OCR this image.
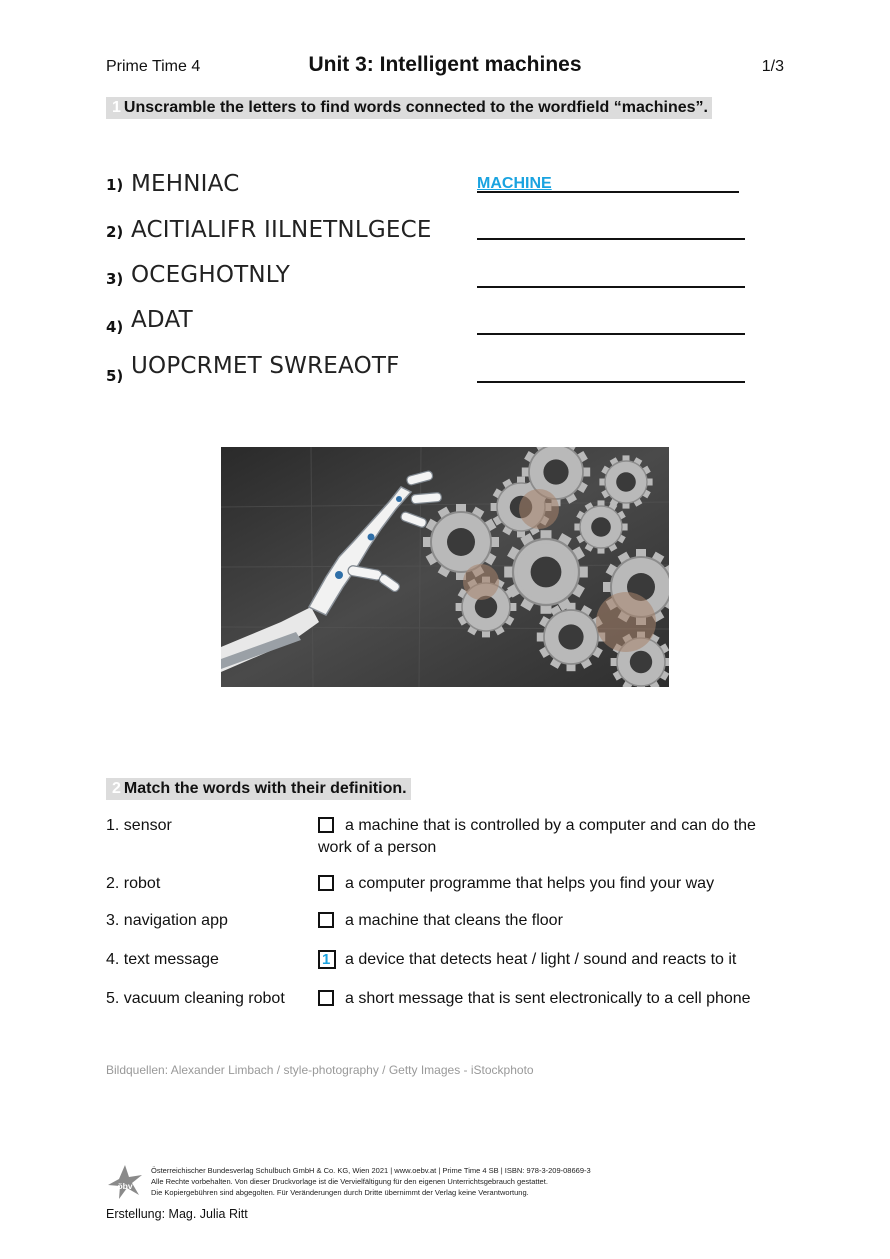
Prime Time 4	Unit 3: Intelligent machines	1/3
1 Unscramble the letters to find words connected to the wordfield “machines”.
1) MEHNIAC	MACHINE
2) ACITIALIFR IILNETNLGECE
3) OCEGHOTNLY
4) ADAT
5) UOPCRMET SWREAOTF
2 Match the words with their definition.
1. sensor	a machine that is controlled by a computer and can do the
work of a person
2. robot	a computer programme that helps you find your way
3. navigation app	a machine that cleans the floor
4. text message	1 a device that detects heat / light / sound and reacts to it
5. vacuum cleaning robot	a short message that is sent electronically to a cell phone
Bildquellen: Alexander Limbach / style-photography / Getty Images - iStockphoto
öbv
Österreichischer Bundesverlag Schulbuch GmbH & Co. KG, Wien 2021 | www.oebv.at | Prime Time 4 SB | ISBN: 978-3-209-08669-3
Alle Rechte vorbehalten. Von dieser Druckvorlage ist die Vervielfältigung für den eigenen Unterrichtsgebrauch gestattet.
Die Kopiergebühren sind abgegolten. Für Veränderungen durch Dritte übernimmt der Verlag keine Verantwortung.
Erstellung: Mag. Julia Ritt
